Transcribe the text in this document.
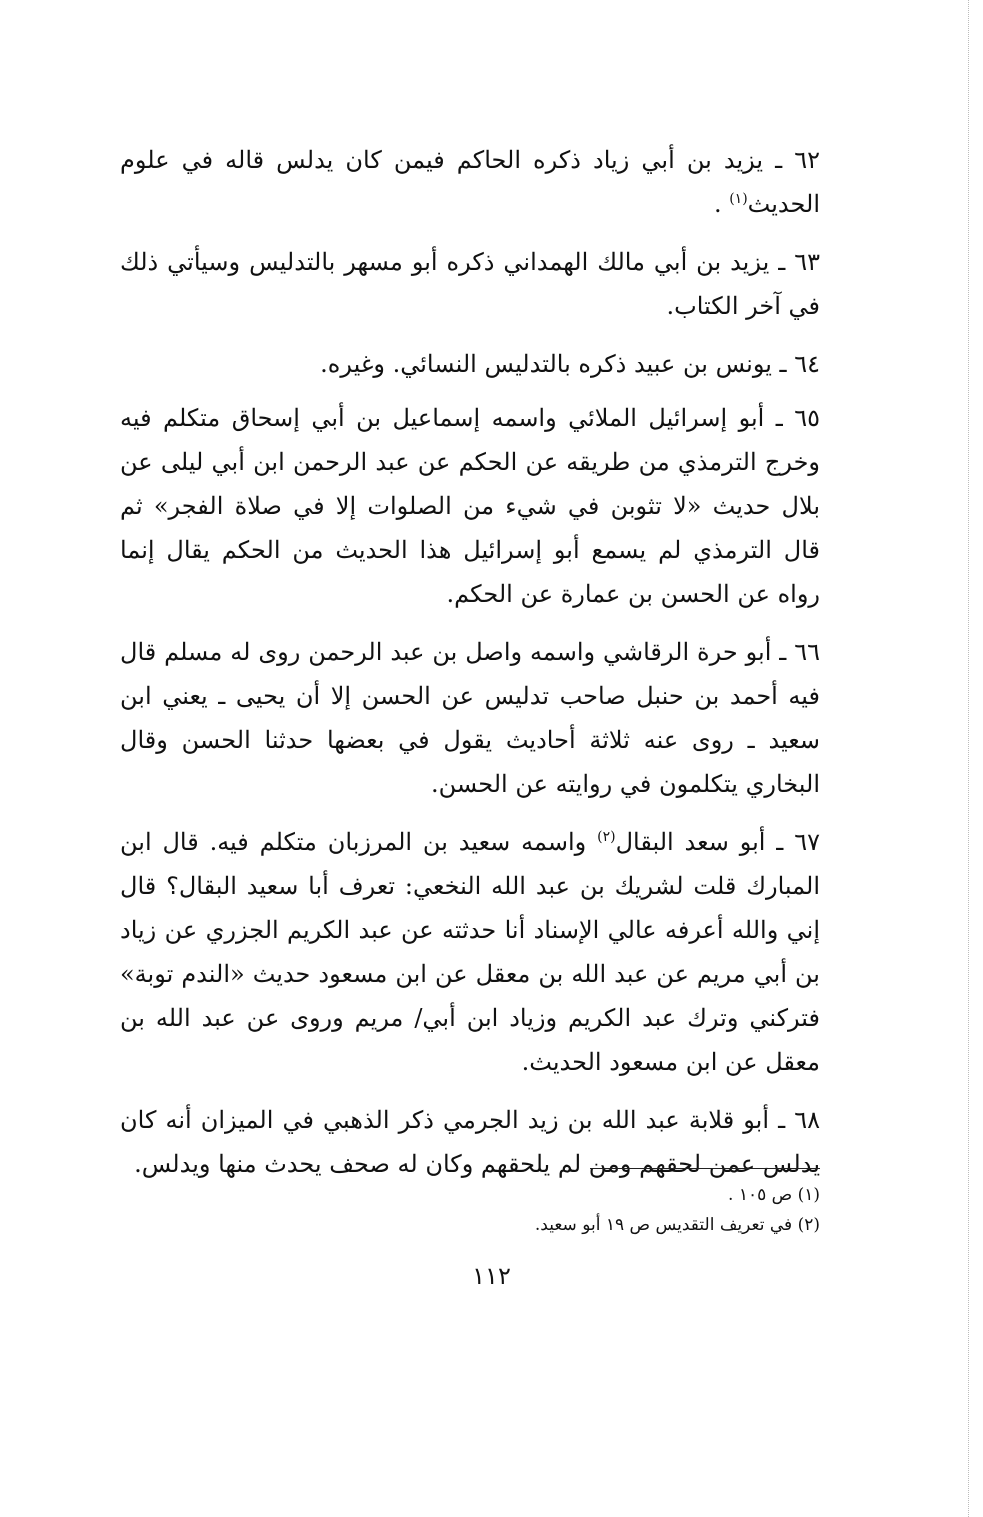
٦٢ ـ يزيد بن أبي زياد ذكره الحاكم فيمن كان يدلس قاله في علوم الحديث$^{(١)}$ .

٦٣ ـ يزيد بن أبي مالك الهمداني ذكره أبو مسهر بالتدليس وسيأتي ذلك في آخر الكتاب.

٦٤ ـ يونس بن عبيد ذكره بالتدليس النسائي. وغيره.

٦٥ ـ أبو إسرائيل الملائي واسمه إسماعيل بن أبي إسحاق متكلم فيه وخرج الترمذي من طريقه عن الحكم عن عبد الرحمن ابن أبي ليلى عن بلال حديث «لا تثوبن في شيء من الصلوات إلا في صلاة الفجر» ثم قال الترمذي لم يسمع أبو إسرائيل هذا الحديث من الحكم يقال إنما رواه عن الحسن بن عمارة عن الحكم.

٦٦ ـ أبو حرة الرقاشي واسمه واصل بن عبد الرحمن روى له مسلم قال فيه أحمد بن حنبل صاحب تدليس عن الحسن إلا أن يحيى ـ يعني ابن سعيد ـ روى عنه ثلاثة أحاديث يقول في بعضها حدثنا الحسن وقال البخاري يتكلمون في روايته عن الحسن.

٦٧ ـ أبو سعد البقال$^{(٢)}$ واسمه سعيد بن المرزبان متكلم فيه. قال ابن المبارك قلت لشريك بن عبد الله النخعي: تعرف أبا سعيد البقال؟ قال إني والله أعرفه عالي الإسناد أنا حدثته عن عبد الكريم الجزري عن زياد بن أبي مريم عن عبد الله بن معقل عن ابن مسعود حديث «الندم توبة» فتركني وترك عبد الكريم وزياد ابن أبي/ مريم وروى عن عبد الله بن معقل عن ابن مسعود الحديث.

٦٨ ـ أبو قلابة عبد الله بن زيد الجرمي ذكر الذهبي في الميزان أنه كان يدلس عمن لحقهم ومن لم يلحقهم وكان له صحف يحدث منها ويدلس.

(١) ص ١٠٥ .
(٢) في تعريف التقديس ص ١٩ أبو سعيد.
١١٢
